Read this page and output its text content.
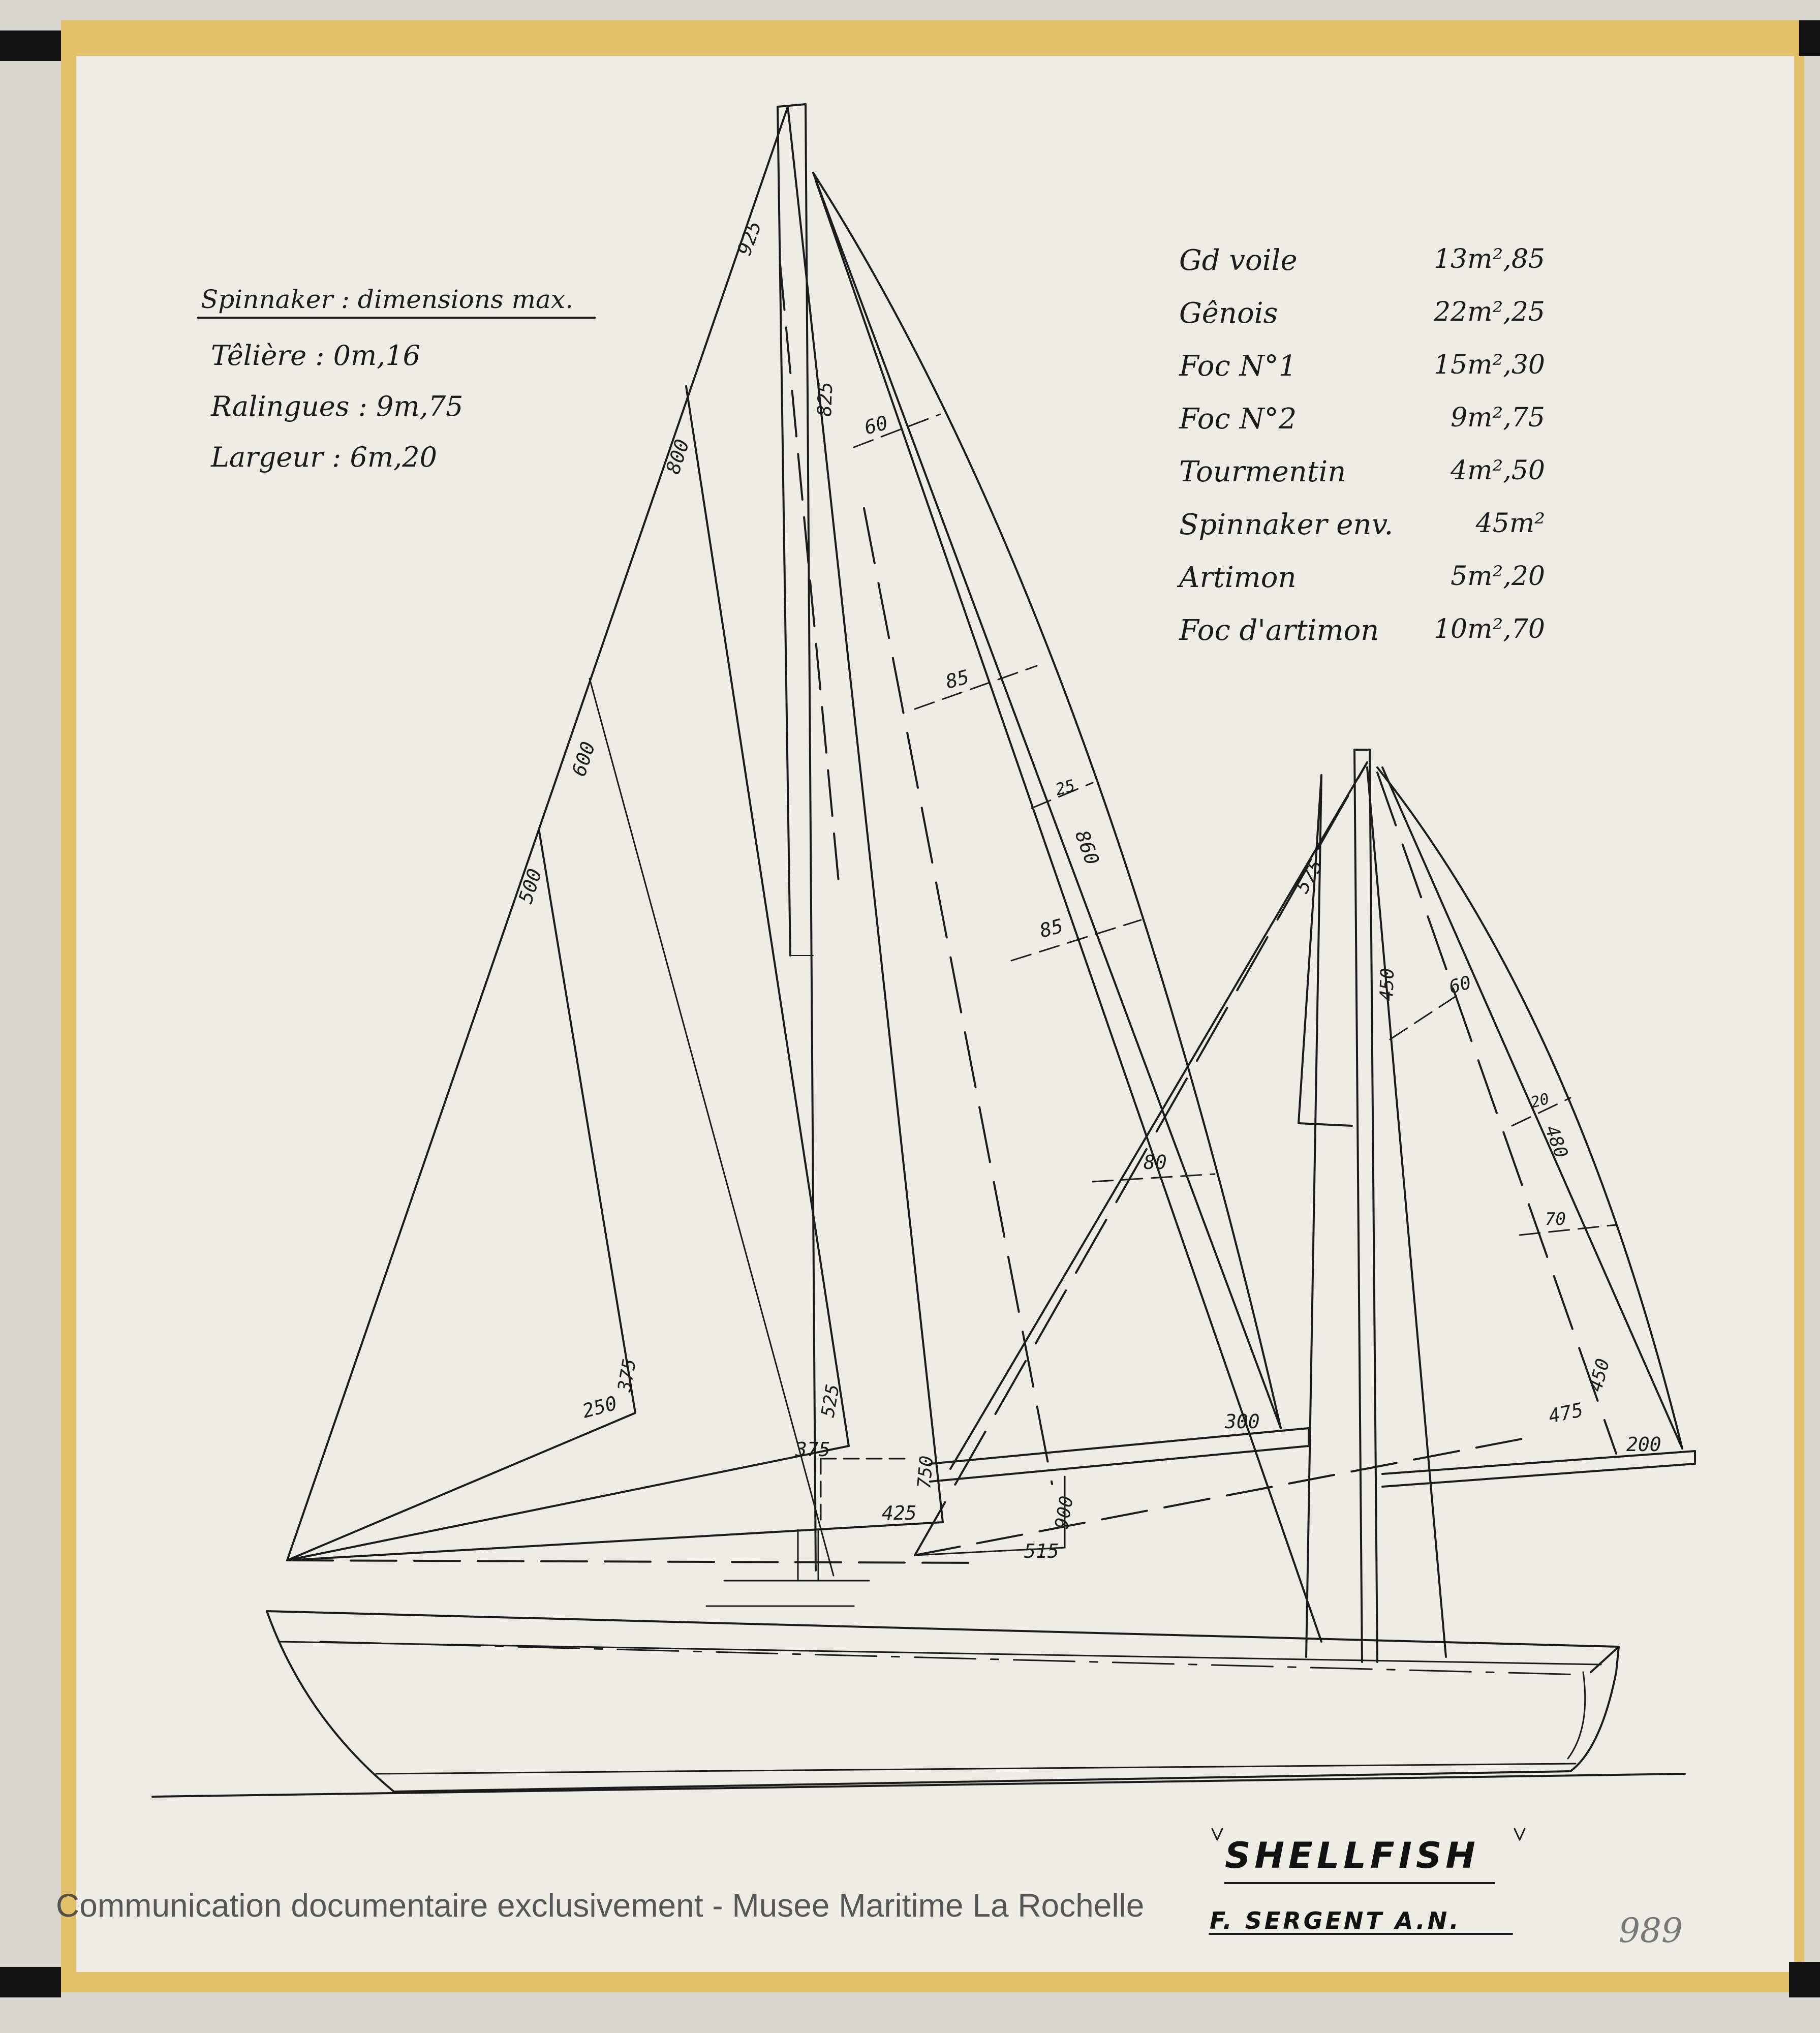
925
825
800
600
500
375
250	525
375
750
425
60
85
25
860
85
300
80
900
515
575
450	60
20
480
70
450
475
200

Spinnaker : dimensions max.

Têlière : 0m,16

Ralingues : 9m,75

Largeur : 6m,20

Gd voile	13m²,85
Gênois	22m²,25
Foc N°1	15m²,30
Foc N°2	9m²,75
Tourmentin	4m²,50
Spinnaker env.	45m²
Artimon	5m²,20
Foc d'artimon 10m²,70

SHELLFISH

F. SERGENT A.N.	989

Communication documentaire exclusivement - Musee Maritime La Rochelle
